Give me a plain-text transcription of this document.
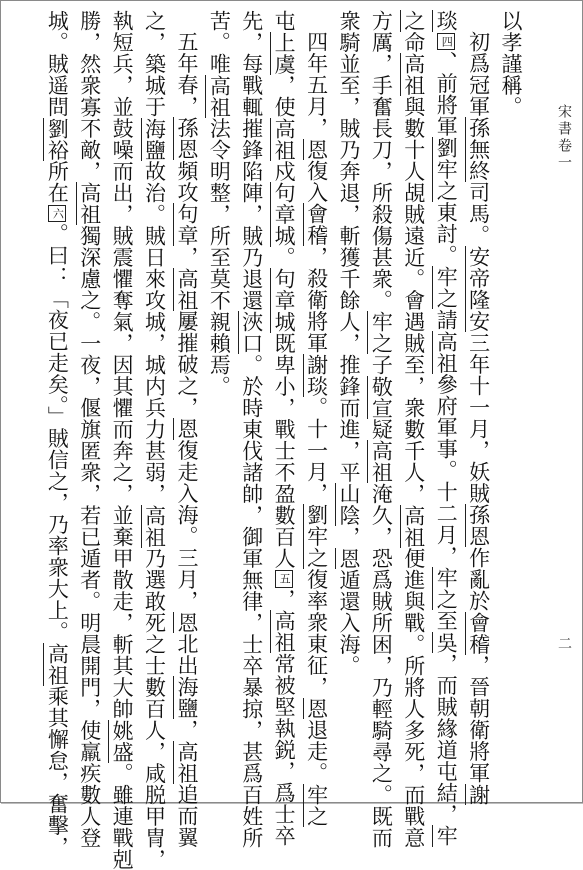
宋書卷一
二
以孝謹稱。
初爲冠軍孫無終司馬。安帝隆安三年十一月，妖賊孫恩作亂於會稽，晉朝衛將軍謝
琰四、前將軍劉牢之東討。牢之請高祖參府軍事。十二月，牢之至吳，而賊緣道屯結，牢
之命高祖與數十人覘賊遠近。會遇賊至，衆數千人，高祖便進與戰。所將人多死，而戰意
方厲，手奮長刀，所殺傷甚衆。牢之子敬宣疑高祖淹久，恐爲賊所困，乃輕騎尋之。既而
衆騎並至，賊乃奔退，斬獲千餘人，推鋒而進，平山陰，恩遁還入海。
四年五月，恩復入會稽，殺衛將軍謝琰。十一月，劉牢之復率衆東征，恩退走。牢之
屯上虞，使高祖戍句章城。句章城既卑小，戰士不盈數百人五，高祖常被堅執鋭，爲士卒
先，每戰輒摧鋒陷陣，賊乃退還浹口。於時東伐諸帥，御軍無律，士卒暴掠，甚爲百姓所
苦。唯高祖法令明整，所至莫不親賴焉。
五年春，孫恩頻攻句章，高祖屢摧破之，恩復走入海。三月，恩北出海鹽，高祖追而翼
之，築城于海鹽故治。賊日來攻城，城内兵力甚弱，高祖乃選敢死之士數百人，咸脱甲冑，
執短兵，並鼓噪而出，賊震懼奪氣，因其懼而奔之，並棄甲散走，斬其大帥姚盛。雖連戰剋
勝，然衆寡不敵，高祖獨深慮之。一夜，偃旗匿衆，若已遁者。明晨開門，使羸疾數人登
城。賊遥問劉裕所在六。曰：「夜已走矣。」賊信之，乃率衆大上。高祖乘其懈怠，奮擊，
